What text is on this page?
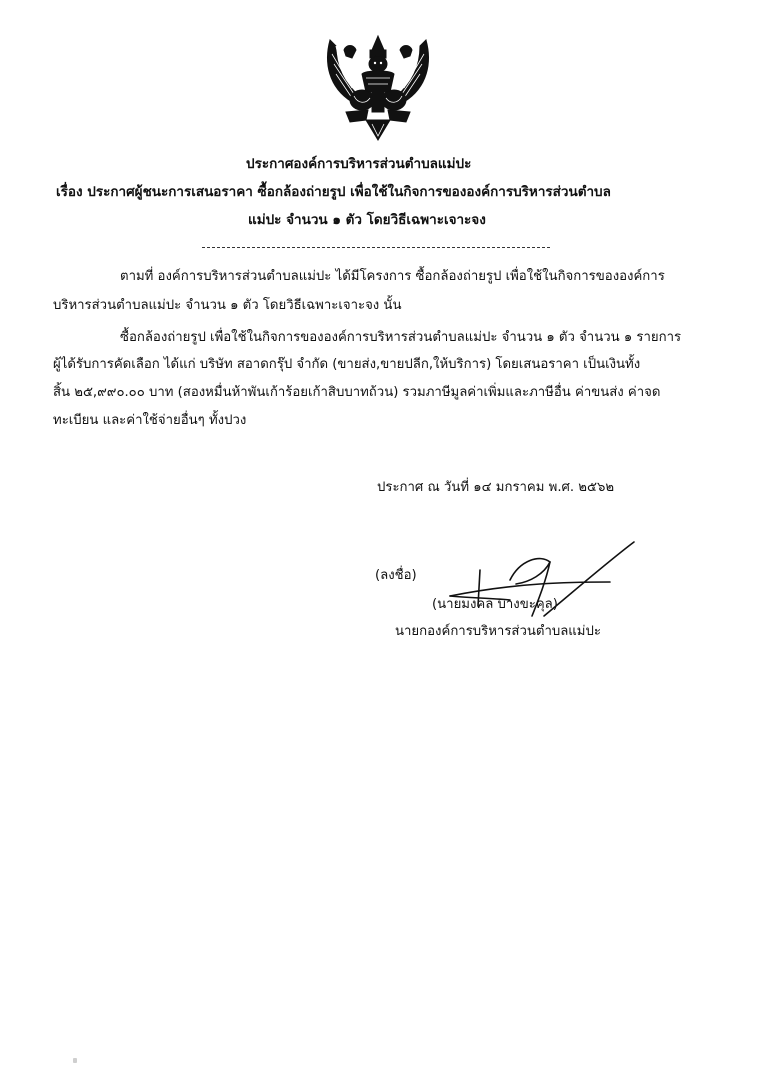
ประกาศองค์การบริหารส่วนตำบลแม่ปะ
เรื่อง ประกาศผู้ชนะการเสนอราคา ซื้อกล้องถ่ายรูป เพื่อใช้ในกิจการขององค์การบริหารส่วนตำบล
แม่ปะ จำนวน ๑ ตัว โดยวิธีเฉพาะเจาะจง
ตามที่ องค์การบริหารส่วนตำบลแม่ปะ ได้มีโครงการ ซื้อกล้องถ่ายรูป เพื่อใช้ในกิจการขององค์การ
บริหารส่วนตำบลแม่ปะ จำนวน ๑ ตัว โดยวิธีเฉพาะเจาะจง นั้น
ซื้อกล้องถ่ายรูป เพื่อใช้ในกิจการขององค์การบริหารส่วนตำบลแม่ปะ จำนวน ๑ ตัว จำนวน ๑ รายการ
ผู้ได้รับการคัดเลือก ได้แก่ บริษัท สอาดกรุ๊ป จำกัด (ขายส่ง,ขายปลีก,ให้บริการ) โดยเสนอราคา เป็นเงินทั้ง
สิ้น ๒๕,๙๙๐.๐๐ บาท (สองหมื่นห้าพันเก้าร้อยเก้าสิบบาทถ้วน) รวมภาษีมูลค่าเพิ่มและภาษีอื่น ค่าขนส่ง ค่าจด
ทะเบียน และค่าใช้จ่ายอื่นๆ ทั้งปวง
ประกาศ ณ วันที่ ๑๔ มกราคม พ.ศ. ๒๕๖๒
(ลงชื่อ)
(นายมงคล บางขะคุล)
นายกองค์การบริหารส่วนตำบลแม่ปะ
